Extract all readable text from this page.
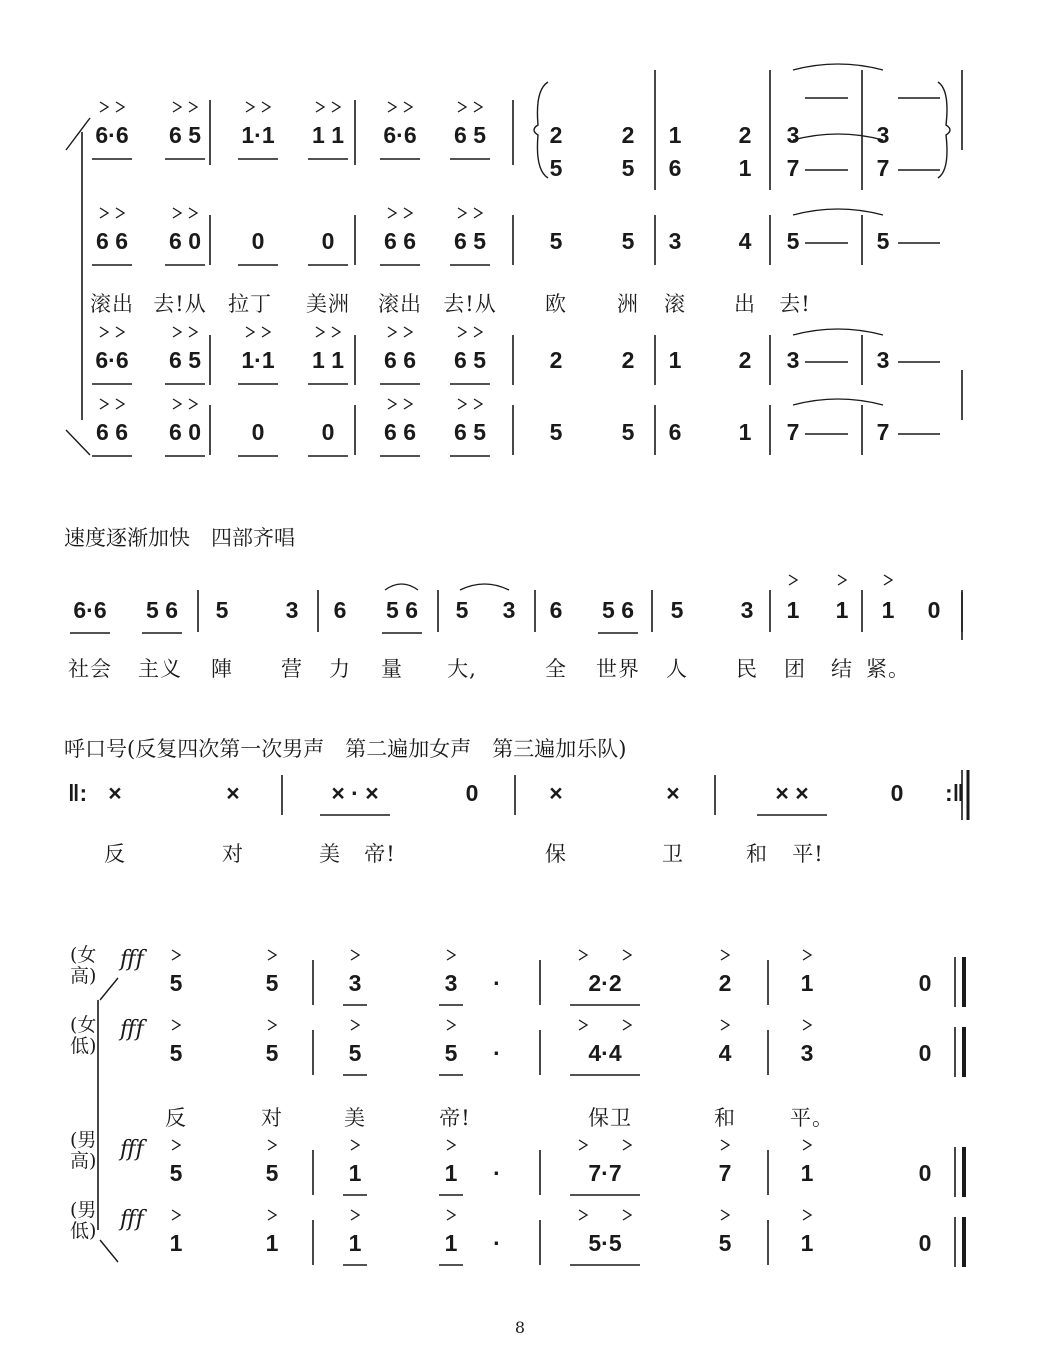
6·6 6 5 1·1 1 1 6·6 6 5	2	2 1 2 3	3
6 6 6 0 0 0 6 6 6 5	5	5 3 4 5	5
6·6 6 5 1·1 1 1 6 6 6 5	2	2 1 2 3	3
6 6 6 0 0 0 6 6 6 5	5	5 6 1 7	7
5	5 6 1 7	7
滚出 去!从 拉丁 美洲 滚出 去!从 欧 洲 滚 出 去!
速度逐渐加快　四部齐唱
6·6 5 6 5 3 6 5 6 5 3 6 5 6 5 3 1 1 1 0
社会 主义 陣 营 力 量 大,	全 世界 人 民 团 结 紧。
呼口号(反复四次第一次男声　第二遍加女声　第三遍加乐队)
‖:	:‖
×	×	× · ×	0	×	×	× ×	0
反	对	美 帝!	保	卫	和 平!
(女高)
(女低)
(男高)
(男低)
fff
5	5	3	3 ·	2·2	2	1	0
fff
5	5	5	5 ·	4·4	4	3	0
fff
5	5	1	1 ·	7·7	7	1	0
fff
1	1	1	1 ·	5·5	5	1	0
反	对	美	帝!	保卫	和	平。
8
